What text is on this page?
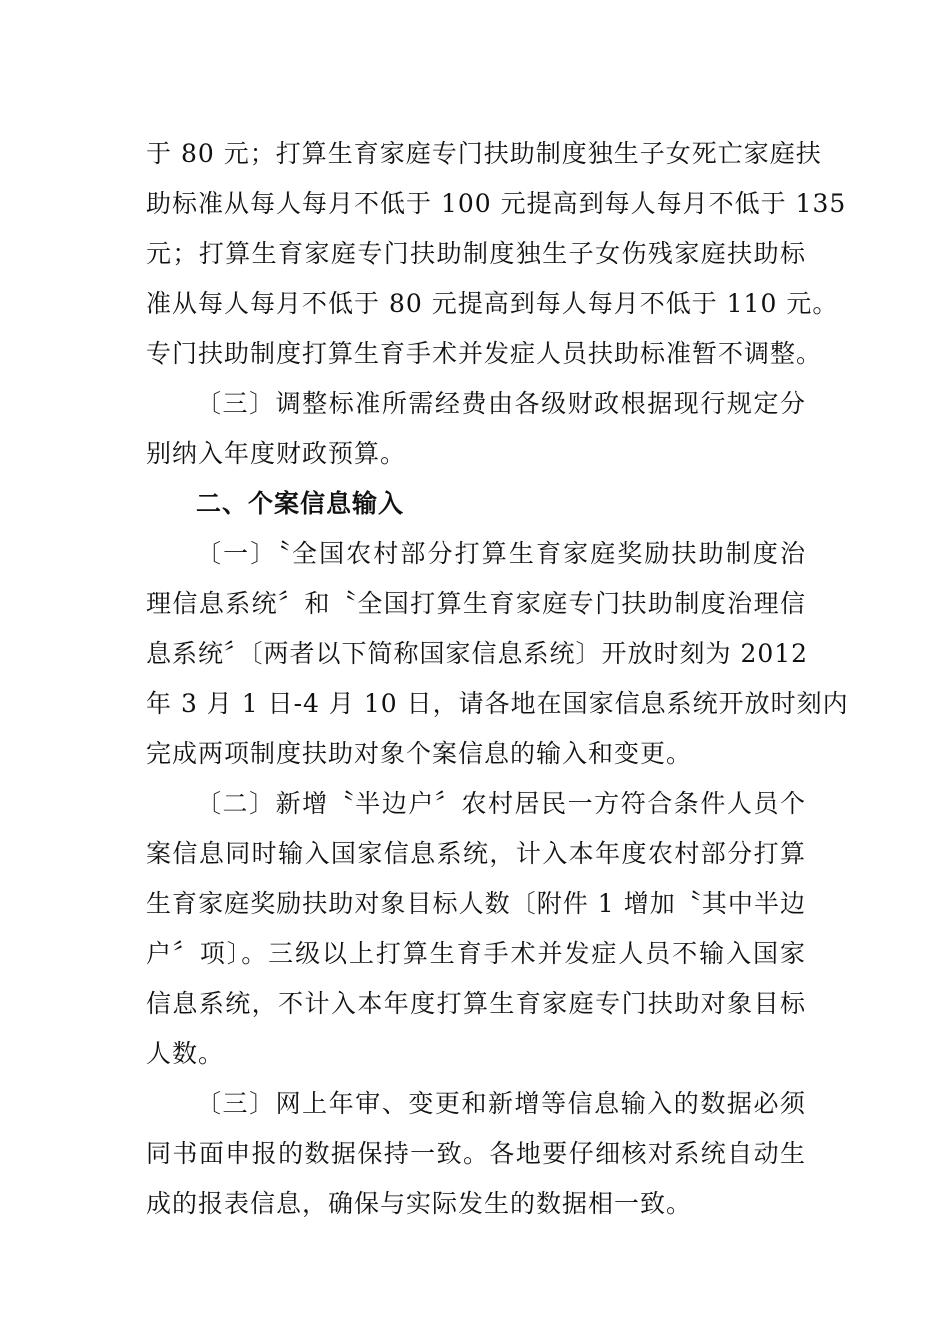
于 80 元；打算生育家庭专门扶助制度独生子女死亡家庭扶
助标准从每人每月不低于 100 元提高到每人每月不低于 135
元；打算生育家庭专门扶助制度独生子女伤残家庭扶助标
准从每人每月不低于 80 元提高到每人每月不低于 110 元。
专门扶助制度打算生育手术并发症人员扶助标准暂不调整。
〔三〕调整标准所需经费由各级财政根据现行规定分
别纳入年度财政预算。
二、个案信息输入
〔一〕〝全国农村部分打算生育家庭奖励扶助制度治
理信息系统〞和〝全国打算生育家庭专门扶助制度治理信
息系统〞〔两者以下简称国家信息系统〕开放时刻为 2012
年 3 月 1 日-4 月 10 日，请各地在国家信息系统开放时刻内
完成两项制度扶助对象个案信息的输入和变更。
〔二〕新增〝半边户〞农村居民一方符合条件人员个
案信息同时输入国家信息系统，计入本年度农村部分打算
生育家庭奖励扶助对象目标人数〔附件 1 增加〝其中半边
户〞项〕。三级以上打算生育手术并发症人员不输入国家
信息系统，不计入本年度打算生育家庭专门扶助对象目标
人数。
〔三〕网上年审、变更和新增等信息输入的数据必须
同书面申报的数据保持一致。各地要仔细核对系统自动生
成的报表信息，确保与实际发生的数据相一致。
